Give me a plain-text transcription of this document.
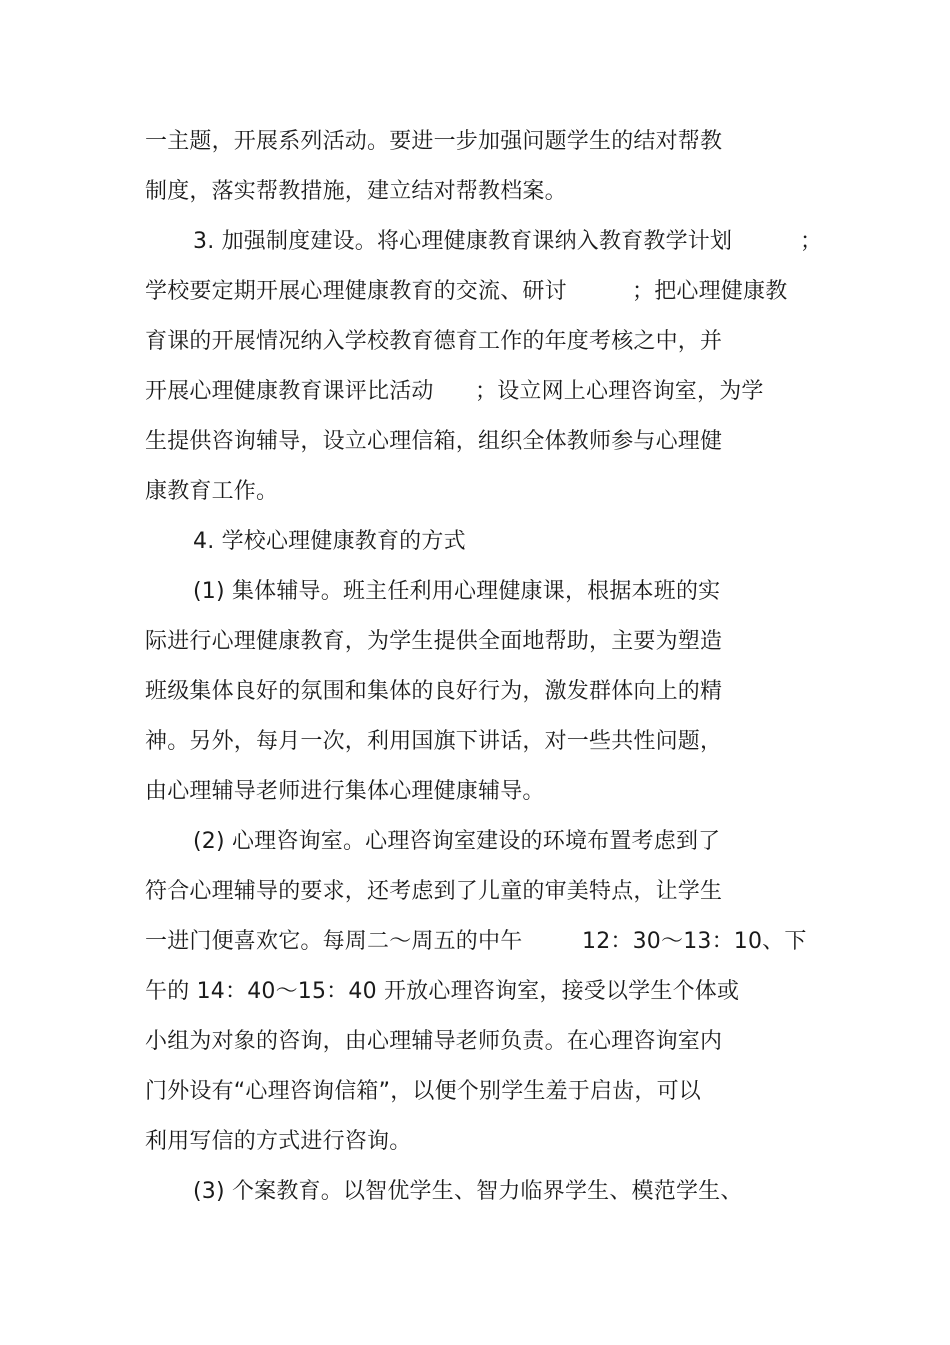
一主题，开展系列活动。要进一步加强问题学生的结对帮教
制度，落实帮教措施，建立结对帮教档案。
3. 加强制度建设。将心理健康教育课纳入教育教学计划	；
学校要定期开展心理健康教育的交流、研讨	；把心理健康教
育课的开展情况纳入学校教育德育工作的年度考核之中，并
开展心理健康教育课评比活动 ；设立网上心理咨询室，为学
生提供咨询辅导，设立心理信箱，组织全体教师参与心理健
康教育工作。
4. 学校心理健康教育的方式
(1) 集体辅导。班主任利用心理健康课，根据本班的实
际进行心理健康教育，为学生提供全面地帮助，主要为塑造
班级集体良好的氛围和集体的良好行为，激发群体向上的精
神。另外，每月一次，利用国旗下讲话，对一些共性问题，
由心理辅导老师进行集体心理健康辅导。
(2) 心理咨询室。心理咨询室建设的环境布置考虑到了
符合心理辅导的要求，还考虑到了儿童的审美特点，让学生
一进门便喜欢它。每周二～周五的中午	12：30～13：10、下
午的 14：40～15：40 开放心理咨询室，接受以学生个体或
小组为对象的咨询，由心理辅导老师负责。在心理咨询室内
门外设有“心理咨询信箱”，以便个别学生羞于启齿，可以
利用写信的方式进行咨询。
(3) 个案教育。以智优学生、智力临界学生、模范学生、
